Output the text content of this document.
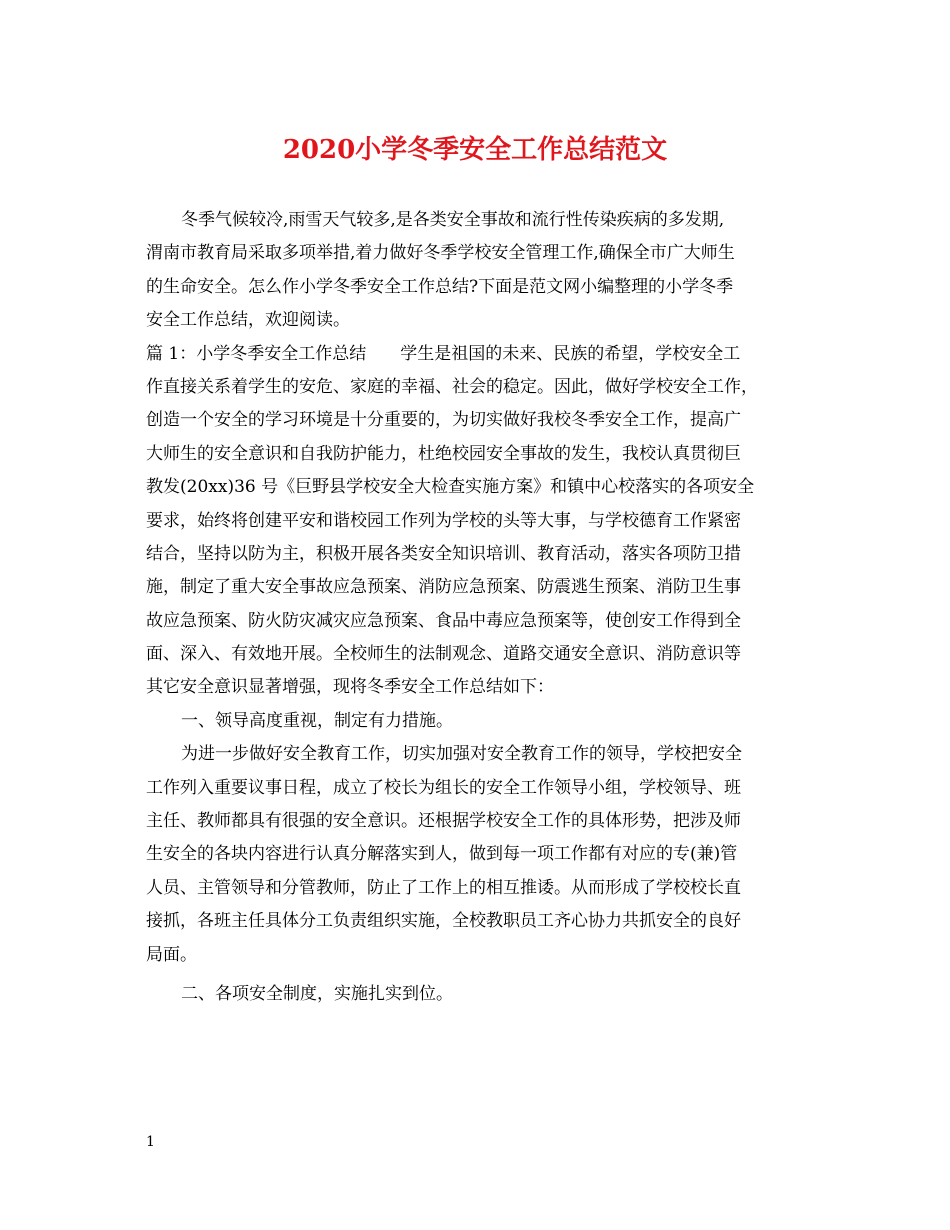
2020小学冬季安全工作总结范文
冬季气候较冷,雨雪天气较多,是各类安全事故和流行性传染疾病的多发期,
渭南市教育局采取多项举措,着力做好冬季学校安全管理工作,确保全市广大师生
的生命安全。怎么作小学冬季安全工作总结?下面是范文网小编整理的小学冬季
安全工作总结，欢迎阅读。
篇 1：小学冬季安全工作总结　　学生是祖国的未来、民族的希望，学校安全工
作直接关系着学生的安危、家庭的幸福、社会的稳定。因此，做好学校安全工作，
创造一个安全的学习环境是十分重要的，为切实做好我校冬季安全工作，提高广
大师生的安全意识和自我防护能力，杜绝校园安全事故的发生，我校认真贯彻巨
教发(20xx)36 号《巨野县学校安全大检查实施方案》和镇中心校落实的各项安全
要求，始终将创建平安和谐校园工作列为学校的头等大事，与学校德育工作紧密
结合，坚持以防为主，积极开展各类安全知识培训、教育活动，落实各项防卫措
施，制定了重大安全事故应急预案、消防应急预案、防震逃生预案、消防卫生事
故应急预案、防火防灾减灾应急预案、食品中毒应急预案等，使创安工作得到全
面、深入、有效地开展。全校师生的法制观念、道路交通安全意识、消防意识等
其它安全意识显著增强，现将冬季安全工作总结如下：
一、领导高度重视，制定有力措施。
为进一步做好安全教育工作，切实加强对安全教育工作的领导，学校把安全
工作列入重要议事日程，成立了校长为组长的安全工作领导小组，学校领导、班
主任、教师都具有很强的安全意识。还根据学校安全工作的具体形势，把涉及师
生安全的各块内容进行认真分解落实到人，做到每一项工作都有对应的专(兼)管
人员、主管领导和分管教师，防止了工作上的相互推诿。从而形成了学校校长直
接抓，各班主任具体分工负责组织实施，全校教职员工齐心协力共抓安全的良好
局面。
二、各项安全制度，实施扎实到位。
1
